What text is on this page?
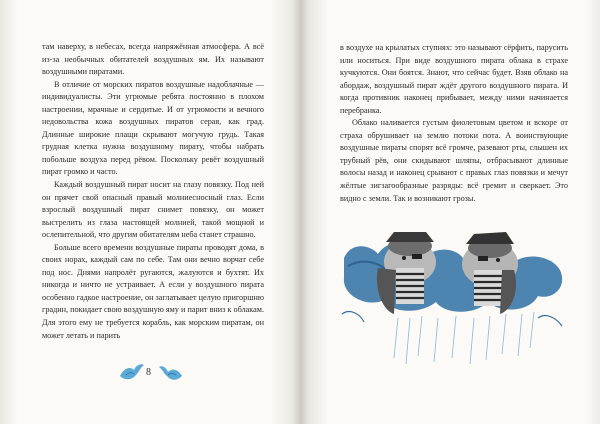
там наверху, в небесах, всегда напряжённая атмосфера. А всё из-за необычных обитателей воздушных ям. Их называют воздушными пиратами.

В отличие от морских пиратов воздушные надоблачные — индивидуалисты. Эти угрюмые ребята постоянно в плохом настроении, мрачные и сердитые. И от угрюмости и вечного недовольства кожа воздушных пиратов серая, как град. Длинные широкие плащи скрывают могучую грудь. Такая грудная клетка нужна воздушному пирату, чтобы набрать побольше воздуха перед рёвом. Поскольку ревёт воздушный пират громко и часто.

Каждый воздушный пират носит на глазу повязку. Под ней он прячет свой опасный правый молниесносный глаз. Если взрослый воздушный пират снимет повязку, он может выстрелить из глаза настоящей молнией, такой мощной и ослепительной, что другим обитателям неба станет страшно.

Больше всего времени воздушные пираты проводят дома, в своих норах, каждый сам по себе. Там они вечно ворчат себе под нос. Днями напролёт ругаются, жалуются и бухтят. Их никогда и ничто не устраивает. А если у воздушного пирата особенно гадкое настроение, он заглатывает целую пригоршню градин, покидает свою воздушную яму и парит вниз к облакам. Для этого ему не требуется корабль, как морским пиратам, он может летать и парить

8

в воздухе на крылатых ступнях: это называют сёрфить, парусить или носиться. При виде воздушного пирата облака в страхе кучкуются. Они боятся. Знают, что сейчас будет. Взяв облако на абордаж, воздушный пират ждёт другого воздушного пирата. И когда противник наконец прибывает, между ними начинается перебранка.

Облако наливается густым фиолетовым цветом и вскоре от страха обрушивает на землю потоки пота. А воинствующие воздушные пираты спорят всё громче, разевают рты, слышен их трубный рёв, они скидывают шляпы, отбрасывают длинные волосы назад и наконец срывают с правых глаз повязки и мечут жёлтые зигзагообразные разряды: всё гремит и сверкает. Это видно с земли. Так и возникают грозы.
